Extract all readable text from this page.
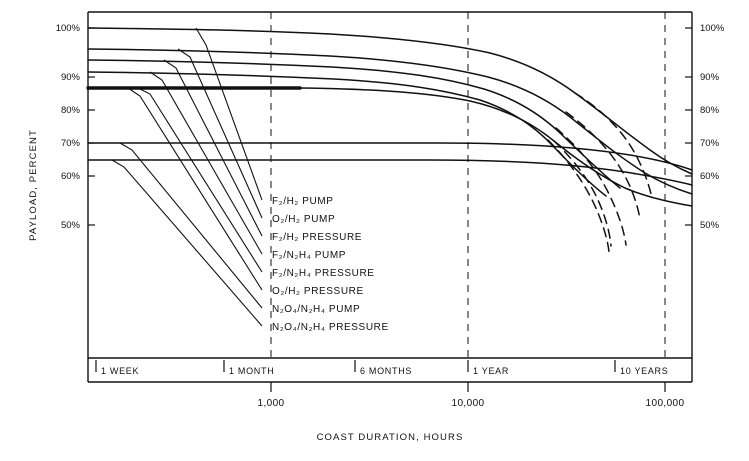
100%
90%
80%
70%
60%
50%
100%
90%
80%
70%
60%
50%
F₂/H₂ PUMP
O₂/H₂ PUMP
F₂/H₂ PRESSURE
F₂/N₂H₄ PUMP
F₂/N₂H₄ PRESSURE
O₂/H₂ PRESSURE
N₂O₄/N₂H₄ PUMP
N₂O₄/N₂H₄ PRESSURE
1 WEEK	1 MONTH	6 MONTHS	1 YEAR	10 YEARS
1,000	10,000	100,000
PAYLOAD, PERCENT
COAST DURATION, HOURS
